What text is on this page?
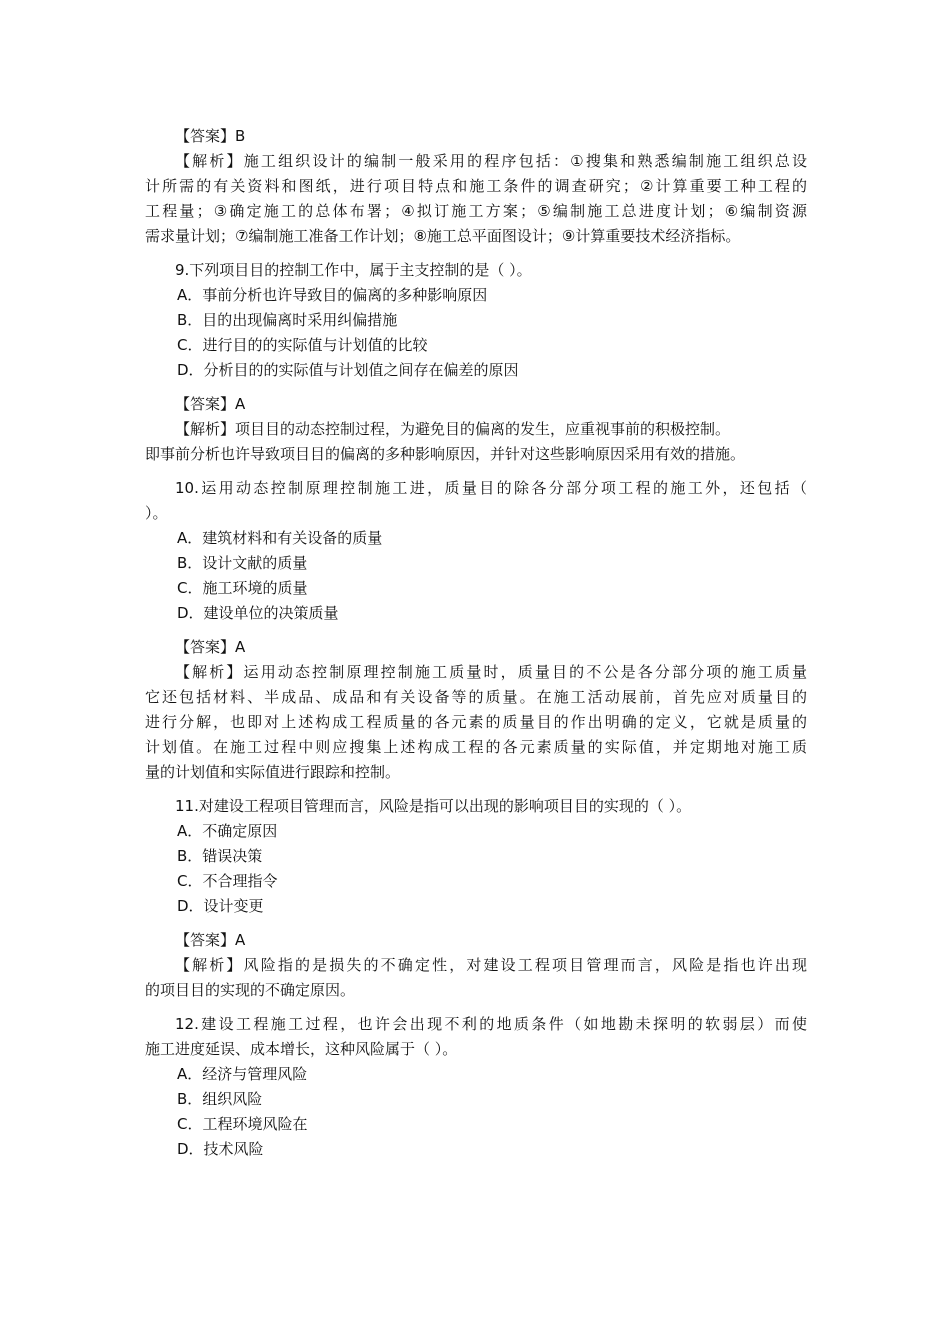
【答案】B
【解析】施工组织设计的编制一般采用的程序包括：①搜集和熟悉编制施工组织总设
计所需的有关资料和图纸，进行项目特点和施工条件的调查研究；②计算重要工种工程的
工程量；③确定施工的总体布署；④拟订施工方案；⑤编制施工总进度计划；⑥编制资源
需求量计划；⑦编制施工准备工作计划；⑧施工总平面图设计；⑨计算重要技术经济指标。
9.下列项目目的控制工作中，属于主支控制的是（ ）。
A．事前分析也许导致目的偏离的多种影响原因
B．目的出现偏离时采用纠偏措施
C．进行目的的实际值与计划值的比较
D．分析目的的实际值与计划值之间存在偏差的原因
【答案】A
【解析】项目目的动态控制过程，为避免目的偏离的发生，应重视事前的积极控制。
即事前分析也许导致项目目的偏离的多种影响原因，并针对这些影响原因采用有效的措施。
10.运用动态控制原理控制施工进，质量目的除各分部分项工程的施工外，还包括（
）。
A．建筑材料和有关设备的质量
B．设计文献的质量
C．施工环境的质量
D．建设单位的决策质量
【答案】A
【解析】运用动态控制原理控制施工质量时，质量目的不公是各分部分项的施工质量
它还包括材料、半成品、成品和有关设备等的质量。在施工活动展前，首先应对质量目的
进行分解，也即对上述构成工程质量的各元素的质量目的作出明确的定义，它就是质量的
计划值。在施工过程中则应搜集上述构成工程的各元素质量的实际值，并定期地对施工质
量的计划值和实际值进行跟踪和控制。
11.对建设工程项目管理而言，风险是指可以出现的影响项目目的实现的（ ）。
A．不确定原因
B．错误决策
C．不合理指令
D．设计变更
【答案】A
【解析】风险指的是损失的不确定性，对建设工程项目管理而言，风险是指也许出现
的项目目的实现的不确定原因。
12.建设工程施工过程，也许会出现不利的地质条件（如地勘未探明的软弱层）而使
施工进度延误、成本增长，这种风险属于（ ）。
A．经济与管理风险
B．组织风险
C．工程环境风险在
D．技术风险
